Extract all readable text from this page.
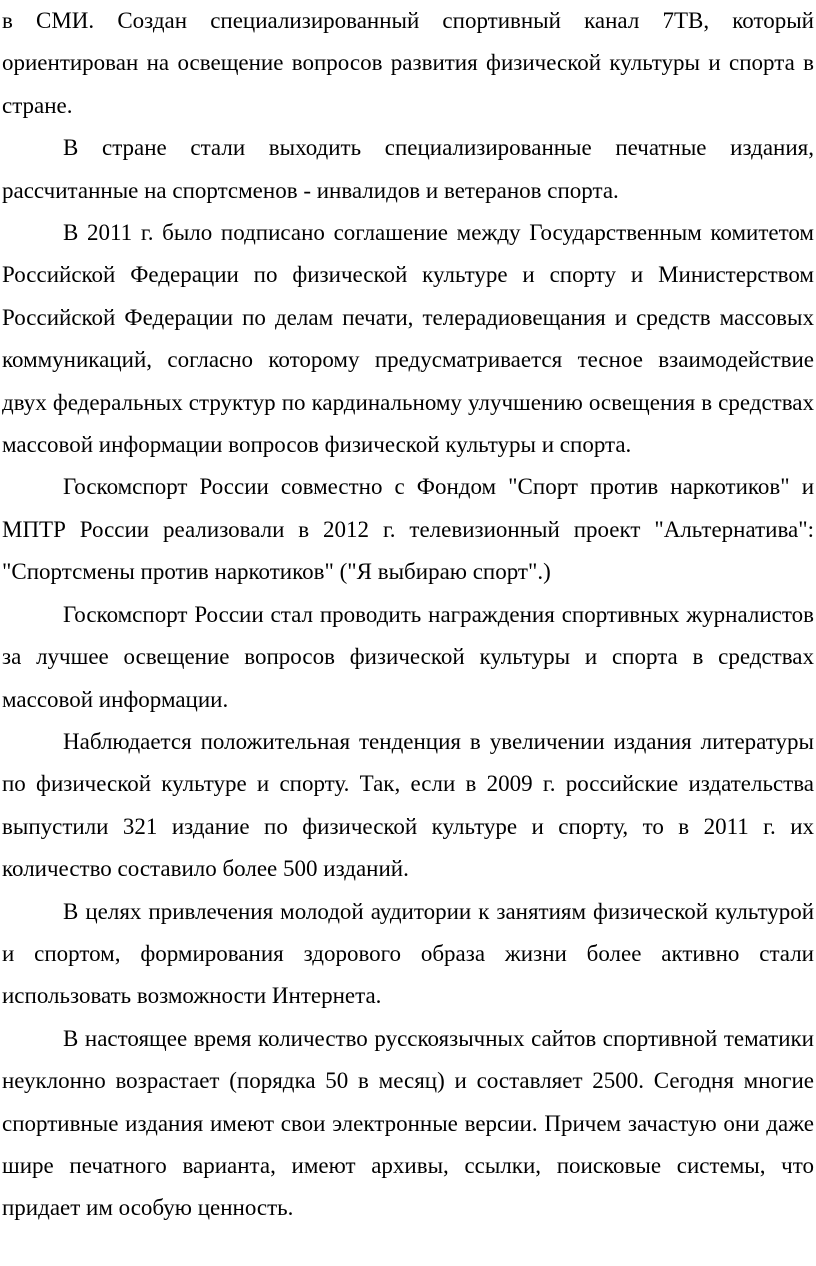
в СМИ. Создан специализированный спортивный канал 7ТВ, который ориентирован на освещение вопросов развития физической культуры и спорта в стране.

В стране стали выходить специализированные печатные издания, рассчитанные на спортсменов - инвалидов и ветеранов спорта.

В 2011 г. было подписано соглашение между Государственным комитетом Российской Федерации по физической культуре и спорту и Министерством Российской Федерации по делам печати, телерадиовещания и средств массовых коммуникаций, согласно которому предусматривается тесное взаимодействие двух федеральных структур по кардинальному улучшению освещения в средствах массовой информации вопросов физической культуры и спорта.

Госкомспорт России совместно с Фондом "Спорт против наркотиков" и МПТР России реализовали в 2012 г. телевизионный проект "Альтернатива": "Спортсмены против наркотиков" ("Я выбираю спорт".)

Госкомспорт России стал проводить награждения спортивных журналистов за лучшее освещение вопросов физической культуры и спорта в средствах массовой информации.

Наблюдается положительная тенденция в увеличении издания литературы по физической культуре и спорту. Так, если в 2009 г. российские издательства выпустили 321 издание по физической культуре и спорту, то в 2011 г. их количество составило более 500 изданий.

В целях привлечения молодой аудитории к занятиям физической культурой и спортом, формирования здорового образа жизни более активно стали использовать возможности Интернета.

В настоящее время количество русскоязычных сайтов спортивной тематики неуклонно возрастает (порядка 50 в месяц) и составляет 2500. Сегодня многие спортивные издания имеют свои электронные версии. Причем зачастую они даже шире печатного варианта, имеют архивы, ссылки, поисковые системы, что придает им особую ценность.
